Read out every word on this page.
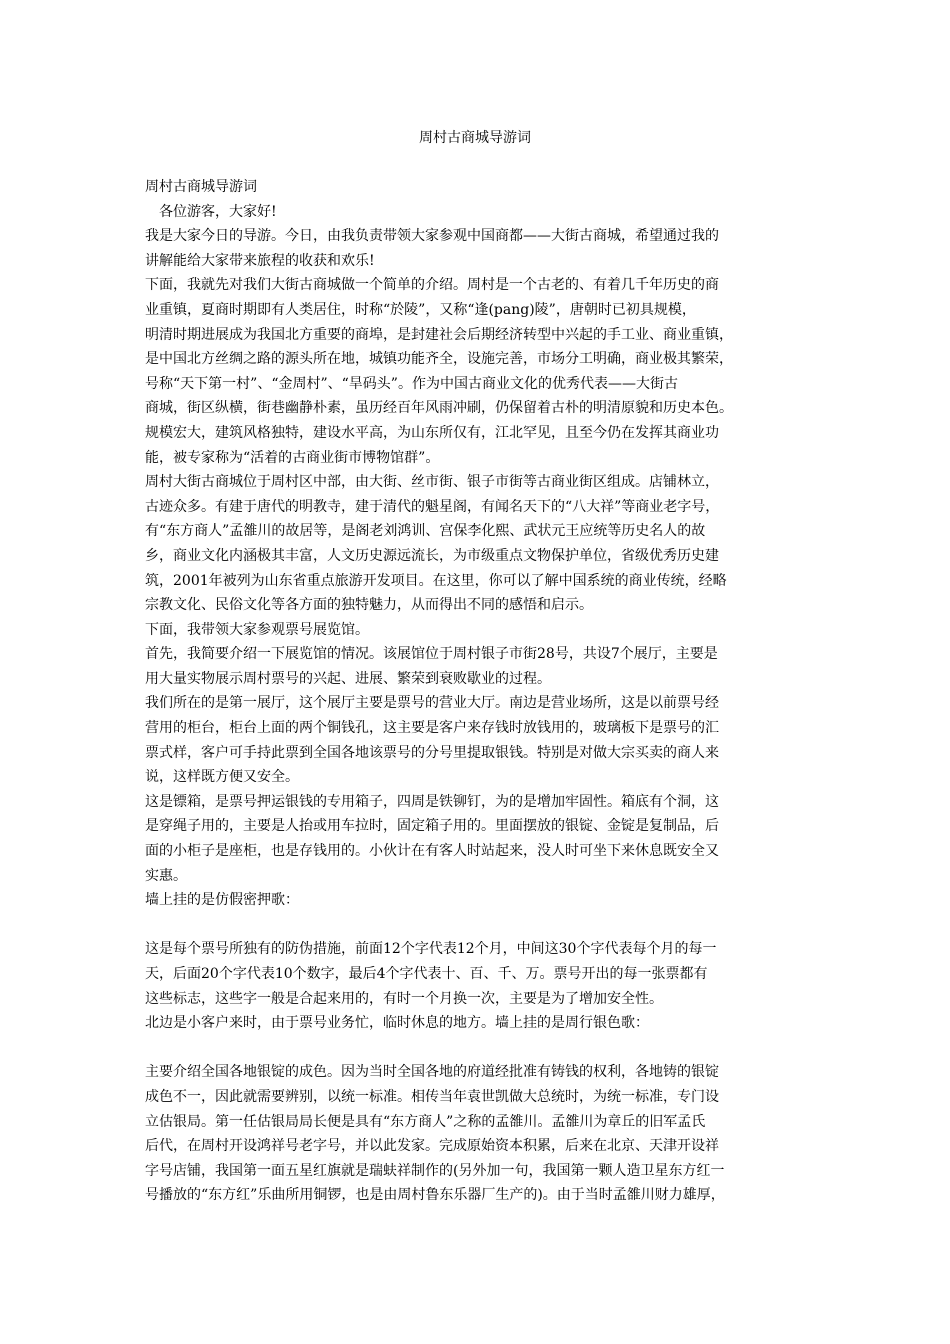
周村古商城导游词
周村古商城导游词
各位游客，大家好!
我是大家今日的导游。今日，由我负责带领大家参观中国商都——大街古商城，希望通过我的
讲解能给大家带来旅程的收获和欢乐!
下面，我就先对我们大街古商城做一个简单的介绍。周村是一个古老的、有着几千年历史的商
业重镇，夏商时期即有人类居住，时称“於陵”，又称“逢(pang)陵”，唐朝时已初具规模，
明清时期进展成为我国北方重要的商埠，是封建社会后期经济转型中兴起的手工业、商业重镇，
是中国北方丝绸之路的源头所在地，城镇功能齐全，设施完善，市场分工明确，商业极其繁荣，
号称“天下第一村”、“金周村”、“旱码头”。作为中国古商业文化的优秀代表——大街古
商城，街区纵横，街巷幽静朴素，虽历经百年风雨冲刷，仍保留着古朴的明清原貌和历史本色。
规模宏大，建筑风格独特，建设水平高，为山东所仅有，江北罕见，且至今仍在发挥其商业功
能，被专家称为“活着的古商业街市博物馆群”。
周村大街古商城位于周村区中部，由大街、丝市街、银子市街等古商业街区组成。店铺林立，
古迹众多。有建于唐代的明教寺，建于清代的魁星阁，有闻名天下的“八大祥”等商业老字号，
有“东方商人”孟雒川的故居等，是阁老刘鸿训、宫保李化熙、武状元王应统等历史名人的故
乡，商业文化内涵极其丰富，人文历史源远流长，为市级重点文物保护单位，省级优秀历史建
筑，2001年被列为山东省重点旅游开发项目。在这里，你可以了解中国系统的商业传统，经略
宗教文化、民俗文化等各方面的独特魅力，从而得出不同的感悟和启示。
下面，我带领大家参观票号展览馆。
首先，我简要介绍一下展览馆的情况。该展馆位于周村银子市街28号，共设7个展厅，主要是
用大量实物展示周村票号的兴起、进展、繁荣到衰败歇业的过程。
我们所在的是第一展厅，这个展厅主要是票号的营业大厅。南边是营业场所，这是以前票号经
营用的柜台，柜台上面的两个铜钱孔，这主要是客户来存钱时放钱用的，玻璃板下是票号的汇
票式样，客户可手持此票到全国各地该票号的分号里提取银钱。特别是对做大宗买卖的商人来
说，这样既方便又安全。
这是镖箱，是票号押运银钱的专用箱子，四周是铁铆钉，为的是增加牢固性。箱底有个洞，这
是穿绳子用的，主要是人抬或用车拉时，固定箱子用的。里面摆放的银锭、金锭是复制品，后
面的小柜子是座柜，也是存钱用的。小伙计在有客人时站起来，没人时可坐下来休息既安全又
实惠。
墙上挂的是仿假密押歌：
这是每个票号所独有的防伪措施，前面12个字代表12个月，中间这30个字代表每个月的每一
天，后面20个字代表10个数字，最后4个字代表十、百、千、万。票号开出的每一张票都有
这些标志，这些字一般是合起来用的，有时一个月换一次，主要是为了增加安全性。
北边是小客户来时，由于票号业务忙，临时休息的地方。墙上挂的是周行银色歌：
主要介绍全国各地银锭的成色。因为当时全国各地的府道经批准有铸钱的权利，各地铸的银锭
成色不一，因此就需要辨别，以统一标准。相传当年袁世凯做大总统时，为统一标准，专门设
立估银局。第一任估银局局长便是具有“东方商人”之称的孟雒川。孟雒川为章丘的旧军孟氏
后代，在周村开设鸿祥号老字号，并以此发家。完成原始资本积累，后来在北京、天津开设祥
字号店铺，我国第一面五星红旗就是瑞蚨祥制作的(另外加一句，我国第一颗人造卫星东方红一
号播放的“东方红”乐曲所用铜锣，也是由周村鲁东乐器厂生产的)。由于当时孟雒川财力雄厚，
